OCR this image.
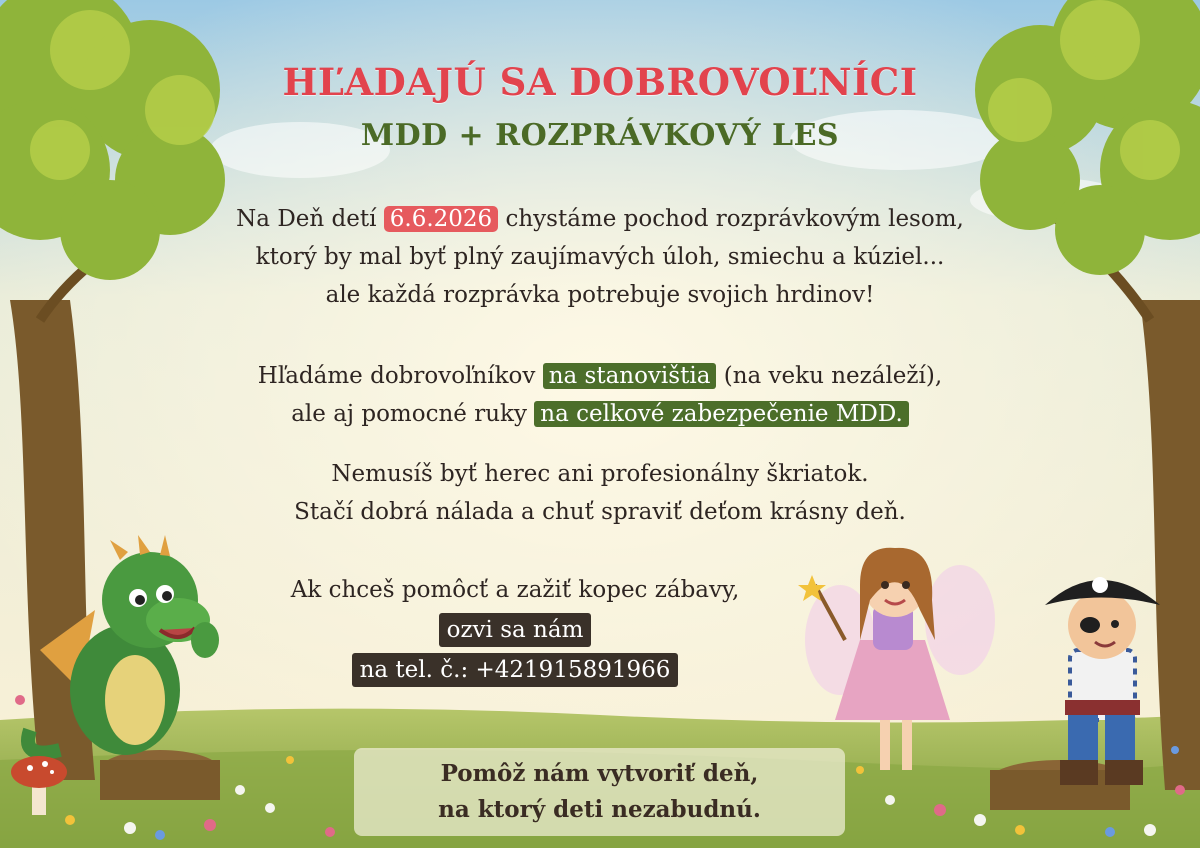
HĽADAJÚ SA DOBROVOĽNÍCI
MDD + ROZPRÁVKOVÝ LES
Na Deň detí 6.6.2026 chystáme pochod rozprávkovým lesom,
ktorý by mal byť plný zaujímavých úloh, smiechu a kúziel...
ale každá rozprávka potrebuje svojich hrdinov!
Hľadáme dobrovoľníkov na stanovištia (na veku nezáleží),
ale aj pomocné ruky na celkové zabezpečenie MDD.
Nemusíš byť herec ani profesionálny škriatok.
Stačí dobrá nálada a chuť spraviť deťom krásny deň.
Ak chceš pomôcť a zažiť kopec zábavy,
ozvi sa nám
na tel. č.: +421915891966
Pomôž nám vytvoriť deň,
na ktorý deti nezabudnú.
